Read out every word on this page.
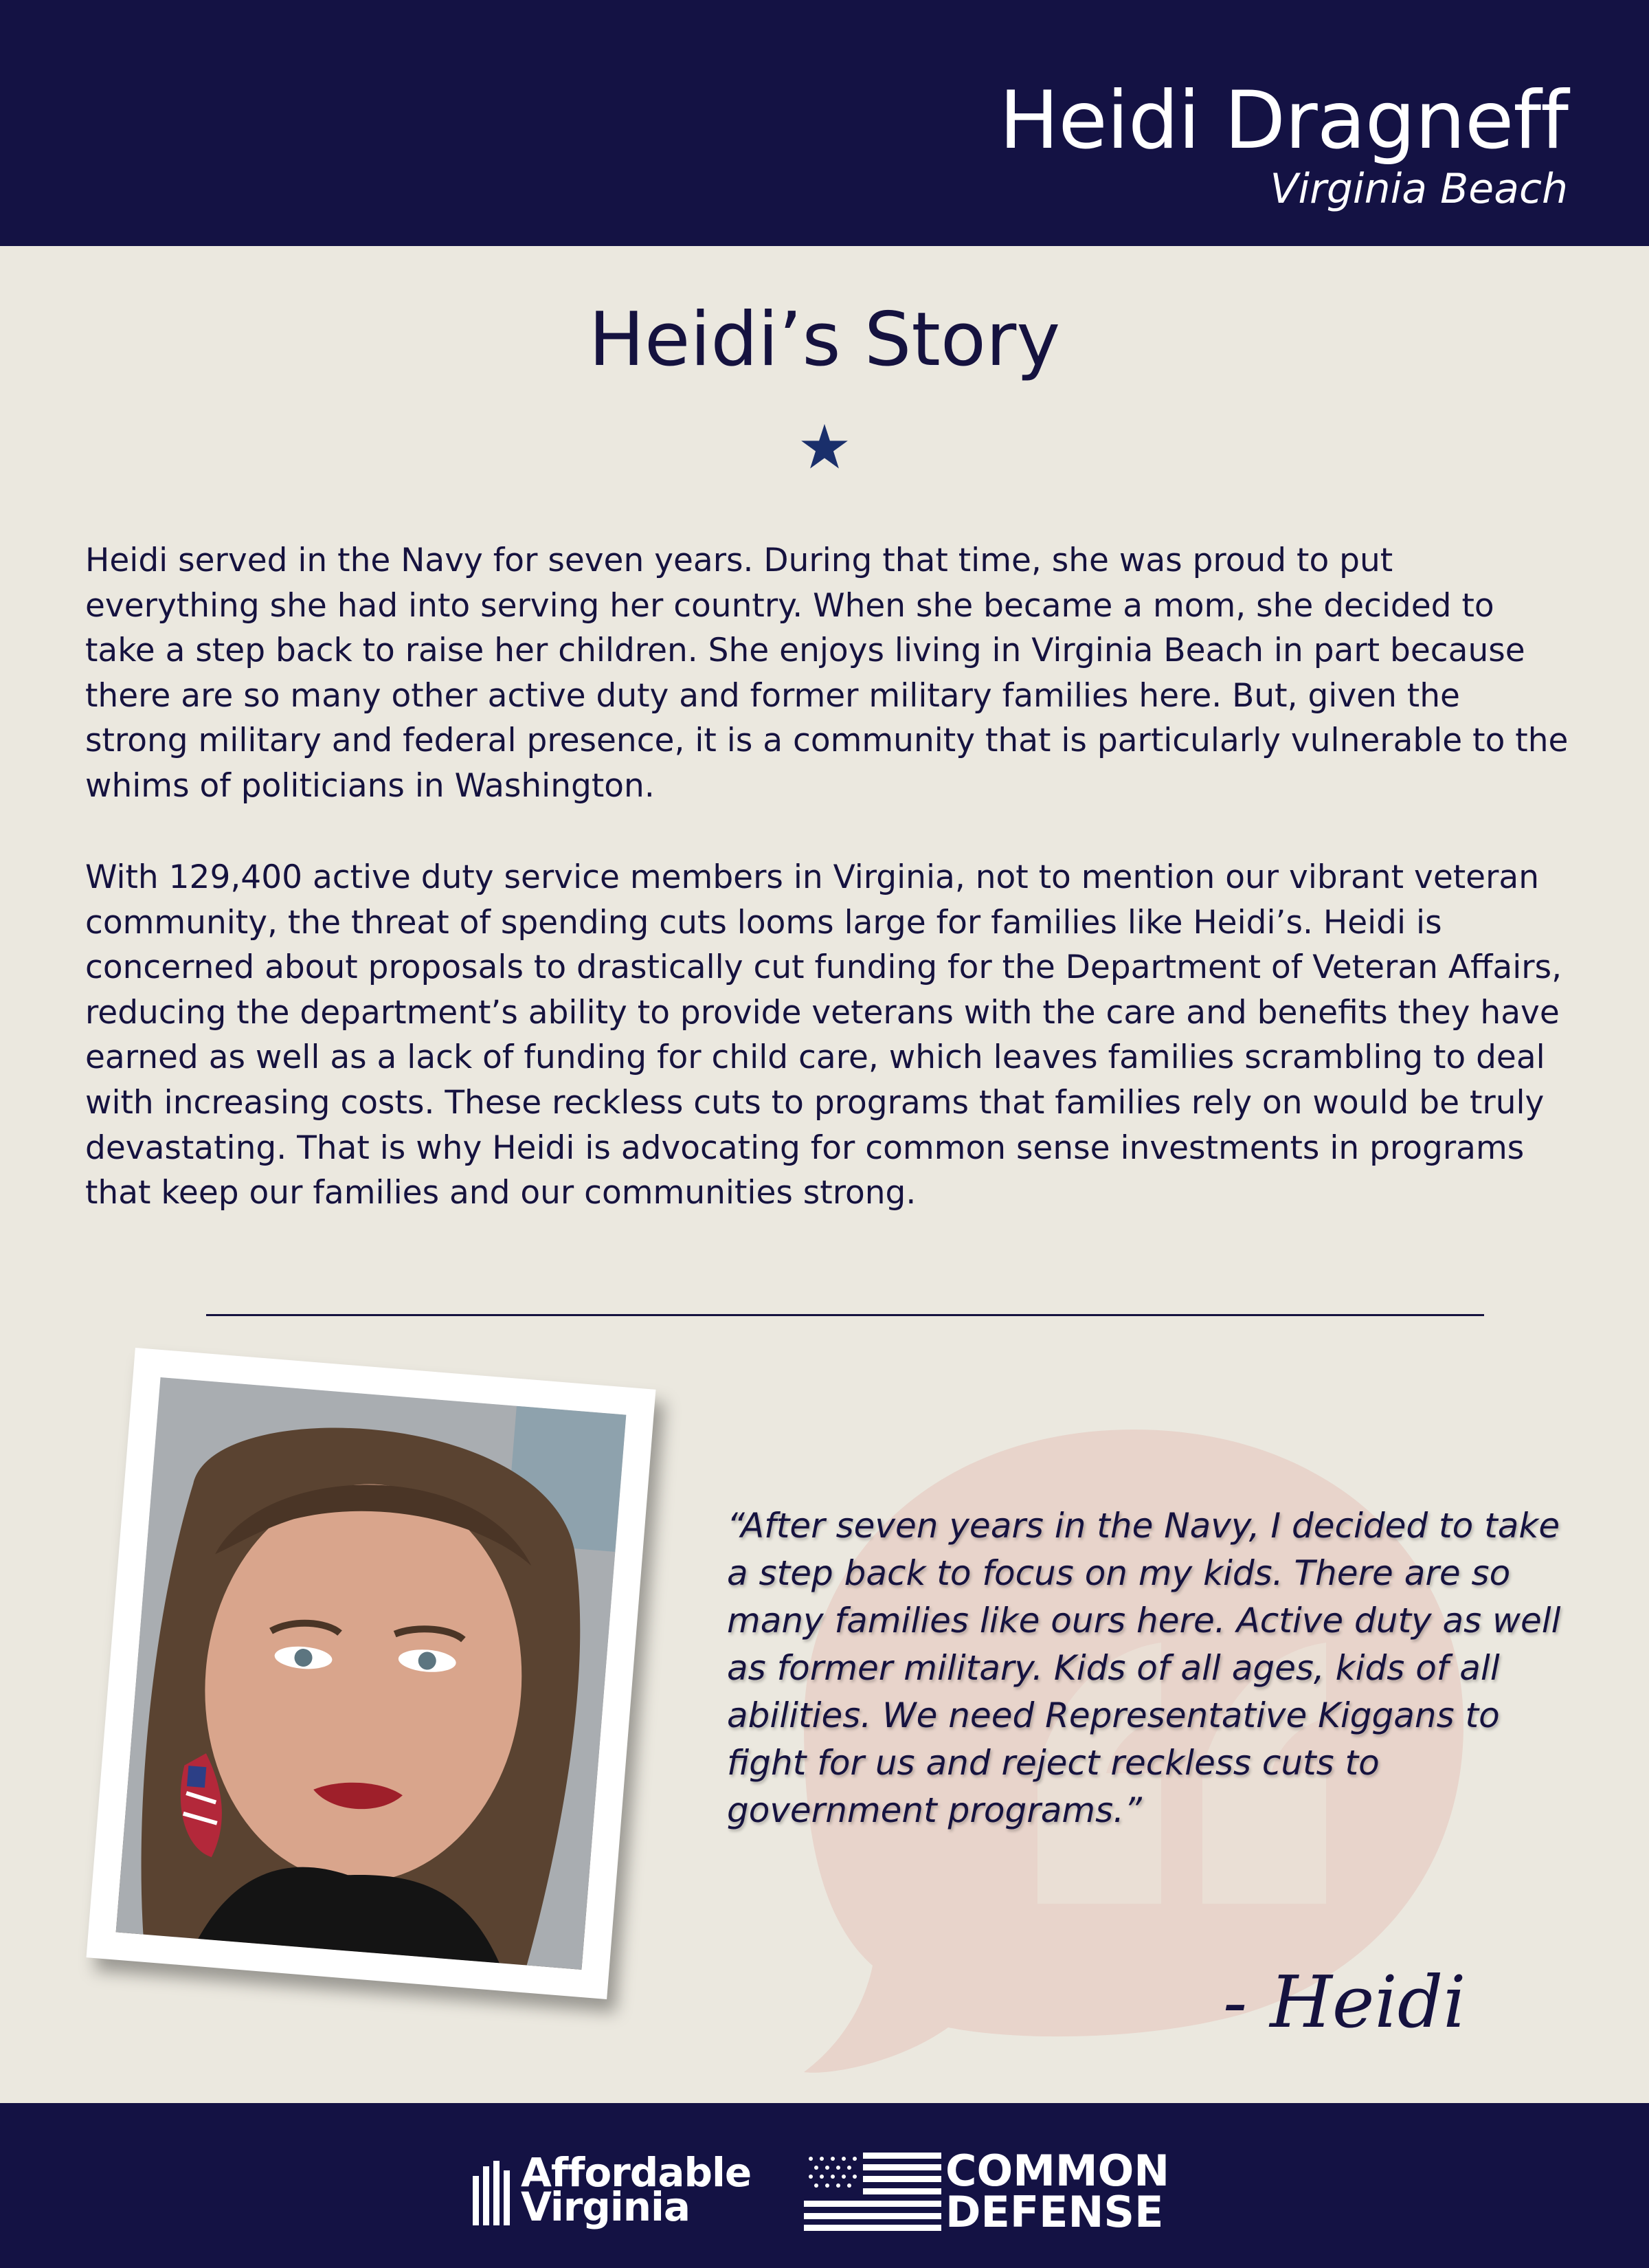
Heidi Dragneff
Virginia Beach
Heidi’s Story

Heidi served in the Navy for seven years. During that time, she was proud to put everything she had into serving her country. When she became a mom, she decided to take a step back to raise her children. She enjoys living in Virginia Beach in part because there are so many other active duty and former military families here. But, given the strong military and federal presence, it is a community that is particularly vulnerable to the whims of politicians in Washington.

With 129,400 active duty service members in Virginia, not to mention our vibrant veteran community, the threat of spending cuts looms large for families like Heidi’s. Heidi is concerned about proposals to drastically cut funding for the Department of Veteran Affairs, reducing the department’s ability to provide veterans with the care and benefits they have earned as well as a lack of funding for child care, which leaves families scrambling to deal with increasing costs. These reckless cuts to programs that families rely on would be truly devastating. That is why Heidi is advocating for common sense investments in programs that keep our families and our communities strong.

“After seven years in the Navy, I decided to take a step back to focus on my kids. There are so many families like ours here. Active duty as well as former military. Kids of all ages, kids of all abilities. We need Representative Kiggans to fight for us and reject reckless cuts to government programs.”

- Heidi
Affordable
Virginia
COMMON
DEFENSE
